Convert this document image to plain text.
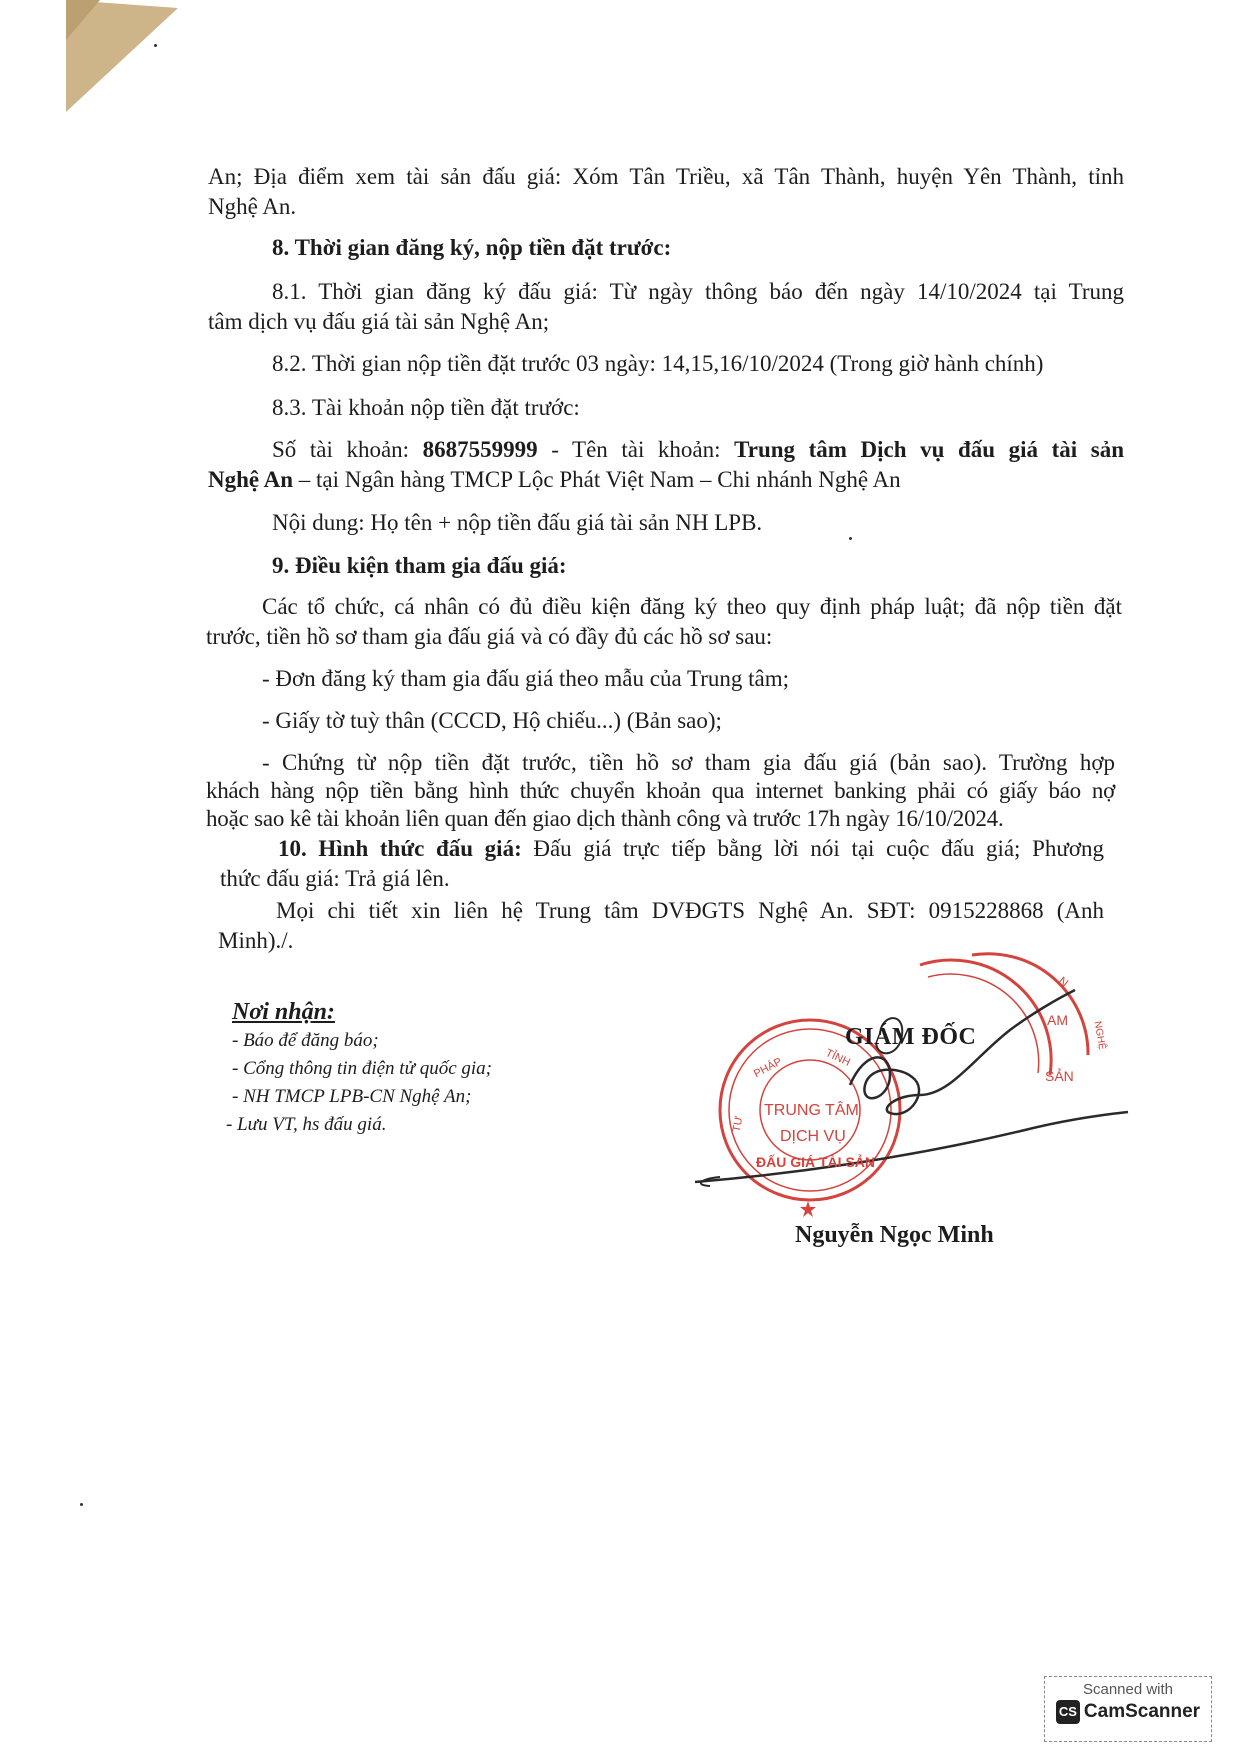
An; Địa điểm xem tài sản đấu giá: Xóm Tân Triều, xã Tân Thành, huyện Yên Thành, tỉnh

Nghệ An.

8. Thời gian đăng ký, nộp tiền đặt trước:

8.1. Thời gian đăng ký đấu giá: Từ ngày thông báo đến ngày 14/10/2024 tại Trung

tâm dịch vụ đấu giá tài sản Nghệ An;

8.2. Thời gian nộp tiền đặt trước 03 ngày: 14,15,16/10/2024 (Trong giờ hành chính)

8.3. Tài khoản nộp tiền đặt trước:

Số tài khoản: 8687559999 - Tên tài khoản: Trung tâm Dịch vụ đấu giá tài sản

Nghệ An – tại Ngân hàng TMCP Lộc Phát Việt Nam – Chi nhánh Nghệ An

Nội dung: Họ tên + nộp tiền đấu giá tài sản NH LPB.

9. Điều kiện tham gia đấu giá:

Các tổ chức, cá nhân có đủ điều kiện đăng ký theo quy định pháp luật; đã nộp tiền đặt

trước, tiền hồ sơ tham gia đấu giá và có đầy đủ các hồ sơ sau:

- Đơn đăng ký tham gia đấu giá theo mẫu của Trung tâm;

- Giấy tờ tuỳ thân (CCCD, Hộ chiếu...) (Bản sao);

- Chứng từ nộp tiền đặt trước, tiền hồ sơ tham gia đấu giá (bản sao). Trường hợp

khách hàng nộp tiền bằng hình thức chuyển khoản qua internet banking phải có giấy báo nợ

hoặc sao kê tài khoản liên quan đến giao dịch thành công và trước 17h ngày 16/10/2024.

10. Hình thức đấu giá: Đấu giá trực tiếp bằng lời nói tại cuộc đấu giá; Phương

thức đấu giá: Trả giá lên.

Mọi chi tiết xin liên hệ Trung tâm DVĐGTS Nghệ An. SĐT: 0915228868 (Anh

Minh)./.

Nơi nhận:
- Báo để đăng báo;
- Cổng thông tin điện tử quốc gia;
- NH TMCP LPB-CN Nghệ An;
- Lưu VT, hs đấu giá.
TRUNG TÂM
DỊCH VỤ
ĐẤU GIÁ TÀI SẢN
PHÁP	TỈNH
TƯ
N
AM
SẢN
NGHỆ
GIÁM ĐỐC
Nguyễn Ngọc Minh
Scanned with
CS CamScanner
